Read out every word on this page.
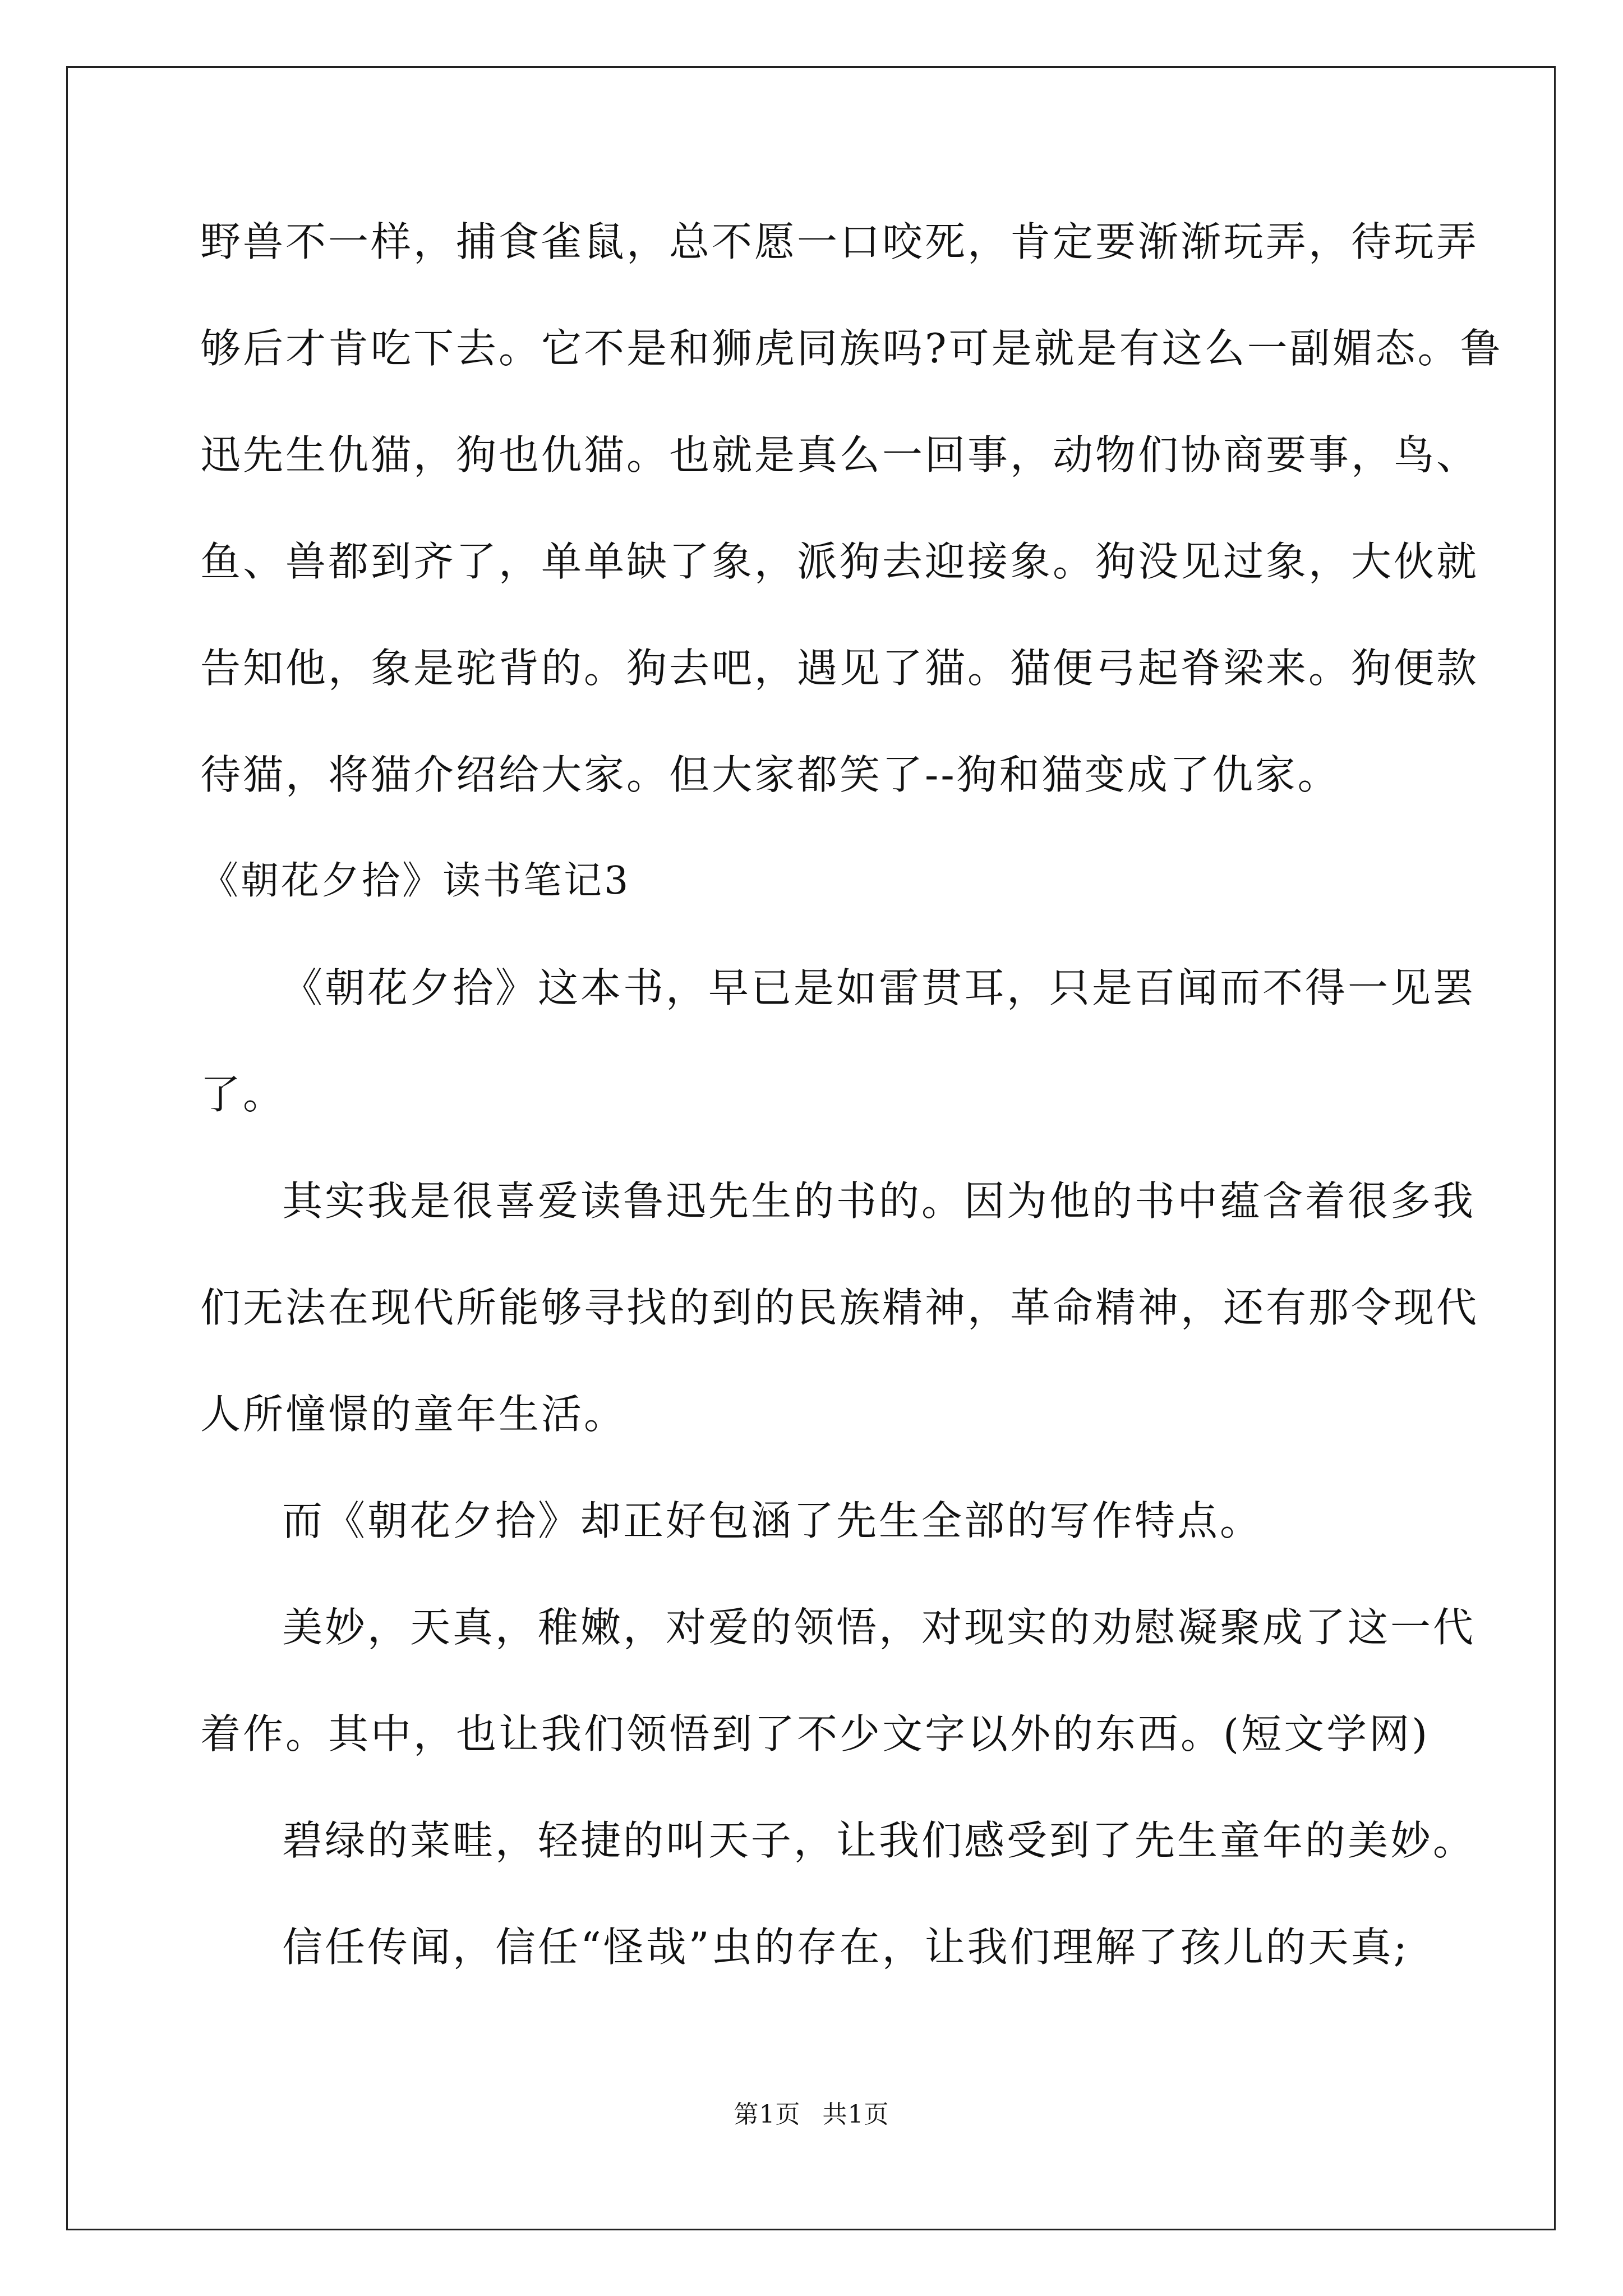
野兽不一样，捕食雀鼠，总不愿一口咬死，肯定要渐渐玩弄，待玩弄
够后才肯吃下去。它不是和狮虎同族吗?可是就是有这么一副媚态。鲁
迅先生仇猫，狗也仇猫。也就是真么一回事，动物们协商要事，鸟、
鱼、兽都到齐了，单单缺了象，派狗去迎接象。狗没见过象，大伙就
告知他，象是驼背的。狗去吧，遇见了猫。猫便弓起脊梁来。狗便款
待猫，将猫介绍给大家。但大家都笑了--狗和猫变成了仇家。
《朝花夕拾》读书笔记3
《朝花夕拾》这本书，早已是如雷贯耳，只是百闻而不得一见罢
了。
其实我是很喜爱读鲁迅先生的书的。因为他的书中蕴含着很多我
们无法在现代所能够寻找的到的民族精神，革命精神，还有那令现代
人所憧憬的童年生活。
而《朝花夕拾》却正好包涵了先生全部的写作特点。
美妙，天真，稚嫩，对爱的领悟，对现实的劝慰凝聚成了这一代
着作。其中，也让我们领悟到了不少文字以外的东西。(短文学网)
碧绿的菜畦，轻捷的叫天子，让我们感受到了先生童年的美妙。
信任传闻，信任“怪哉”虫的存在，让我们理解了孩儿的天真;
第1页 共1页
